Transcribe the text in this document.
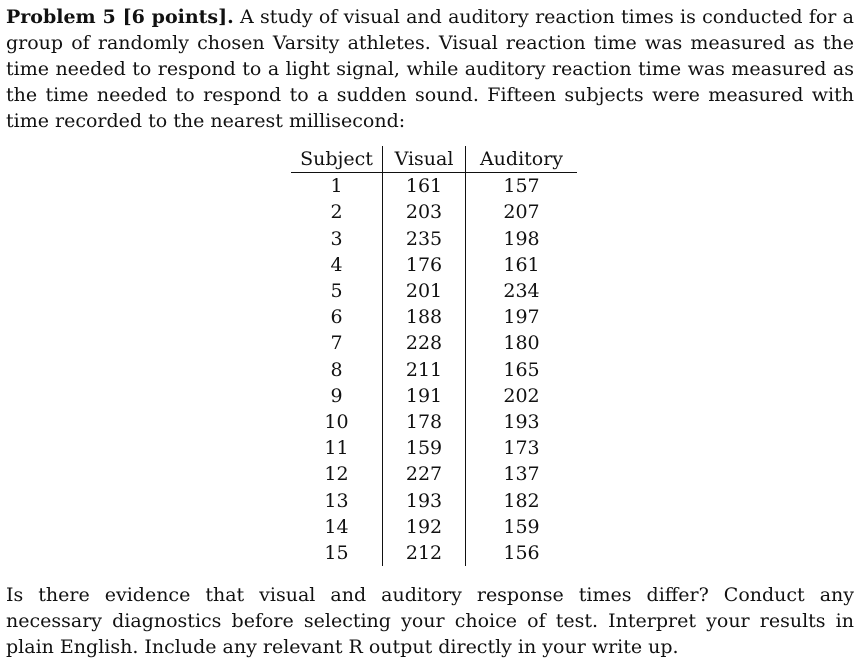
Problem 5 [6 points]. A study of visual and auditory reaction times is conducted for a group of randomly chosen Varsity athletes. Visual reaction time was measured as the time needed to respond to a light signal, while auditory reaction time was measured as the time needed to respond to a sudden sound. Fifteen subjects were measured with time recorded to the nearest millisecond:

Subject	Visual	Auditory
1	161	157
2	203	207
3	235	198
4	176	161
5	201	234
6	188	197
7	228	180
8	211	165
9	191	202
10	178	193
11	159	173
12	227	137
13	193	182
14	192	159
15	212	156

Is there evidence that visual and auditory response times differ? Conduct any necessary diagnostics before selecting your choice of test. Interpret your results in plain English. Include any relevant R output directly in your write up.
